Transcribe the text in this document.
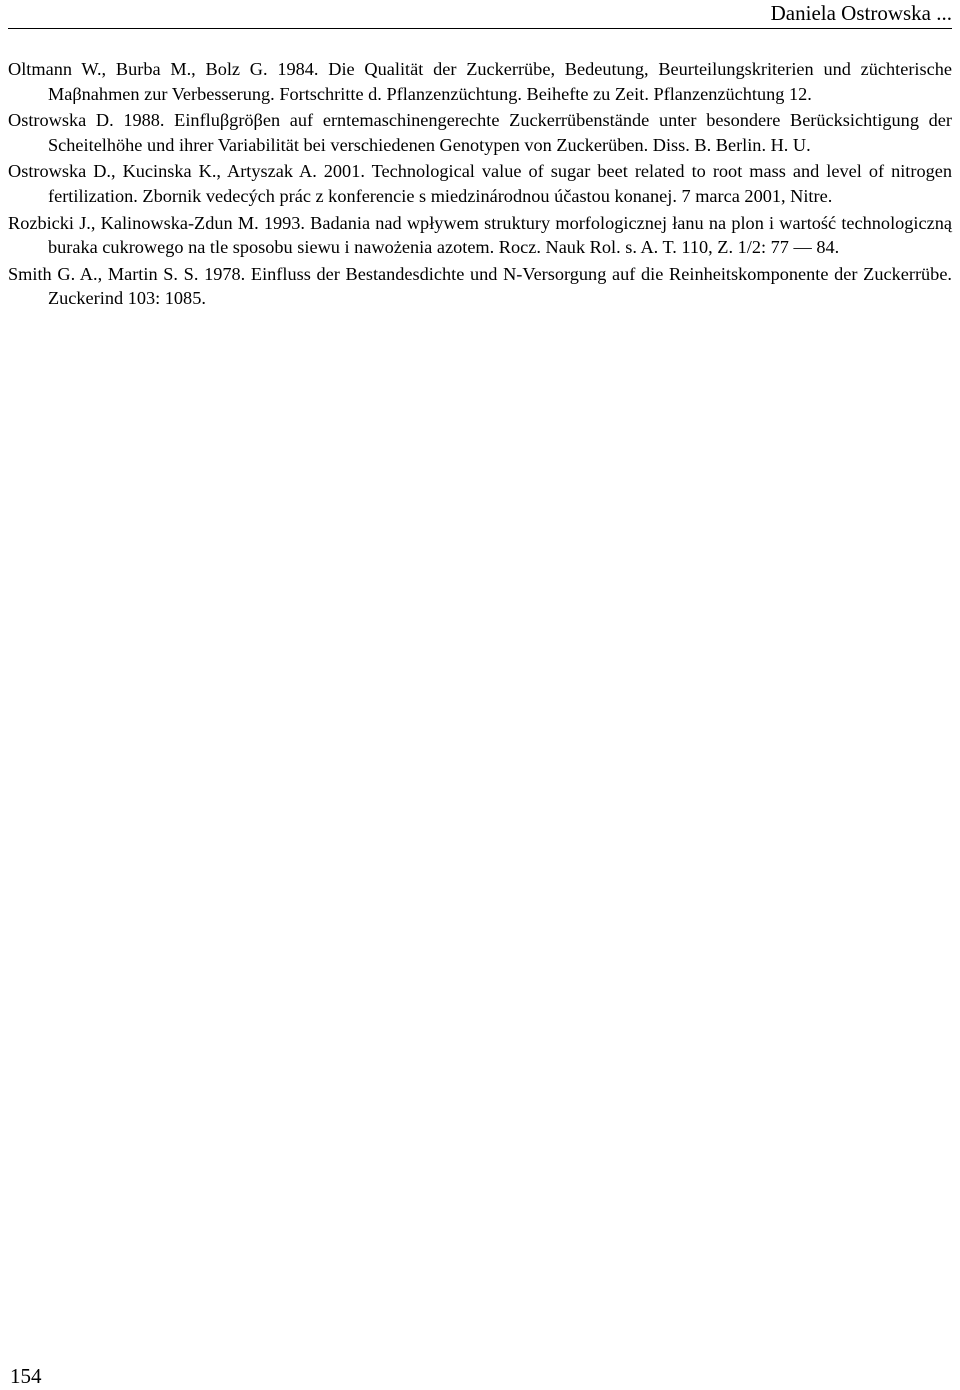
Daniela Ostrowska ...
Oltmann W., Burba M., Bolz G. 1984. Die Qualität der Zuckerrübe, Bedeutung, Beurteilungskriterien und züchterische Maβnahmen zur Verbesserung. Fortschritte d. Pflanzenzüchtung. Beihefte zu Zeit. Pflanzenzüchtung 12.
Ostrowska D. 1988. Einfluβgröβen auf erntemaschinengerechte Zuckerrübenstände unter besondere Berücksichtigung der Scheitelhöhe und ihrer Variabilität bei verschiedenen Genotypen von Zuckerüben. Diss. B. Berlin. H. U.
Ostrowska D., Kucinska K., Artyszak A. 2001. Technological value of sugar beet related to root mass and level of nitrogen fertilization. Zbornik vedecých prác z konferencie s miedzinárodnou účastou konanej. 7 marca 2001, Nitre.
Rozbicki J., Kalinowska-Zdun M. 1993. Badania nad wpływem struktury morfologicznej łanu na plon i wartość technologiczną buraka cukrowego na tle sposobu siewu i nawożenia azotem. Rocz. Nauk Rol. s. A. T. 110, Z. 1/2: 77 — 84.
Smith G. A., Martin S. S. 1978. Einfluss der Bestandesdichte und N-Versorgung auf die Reinheitskomponente der Zuckerrübe. Zuckerind 103: 1085.
154
